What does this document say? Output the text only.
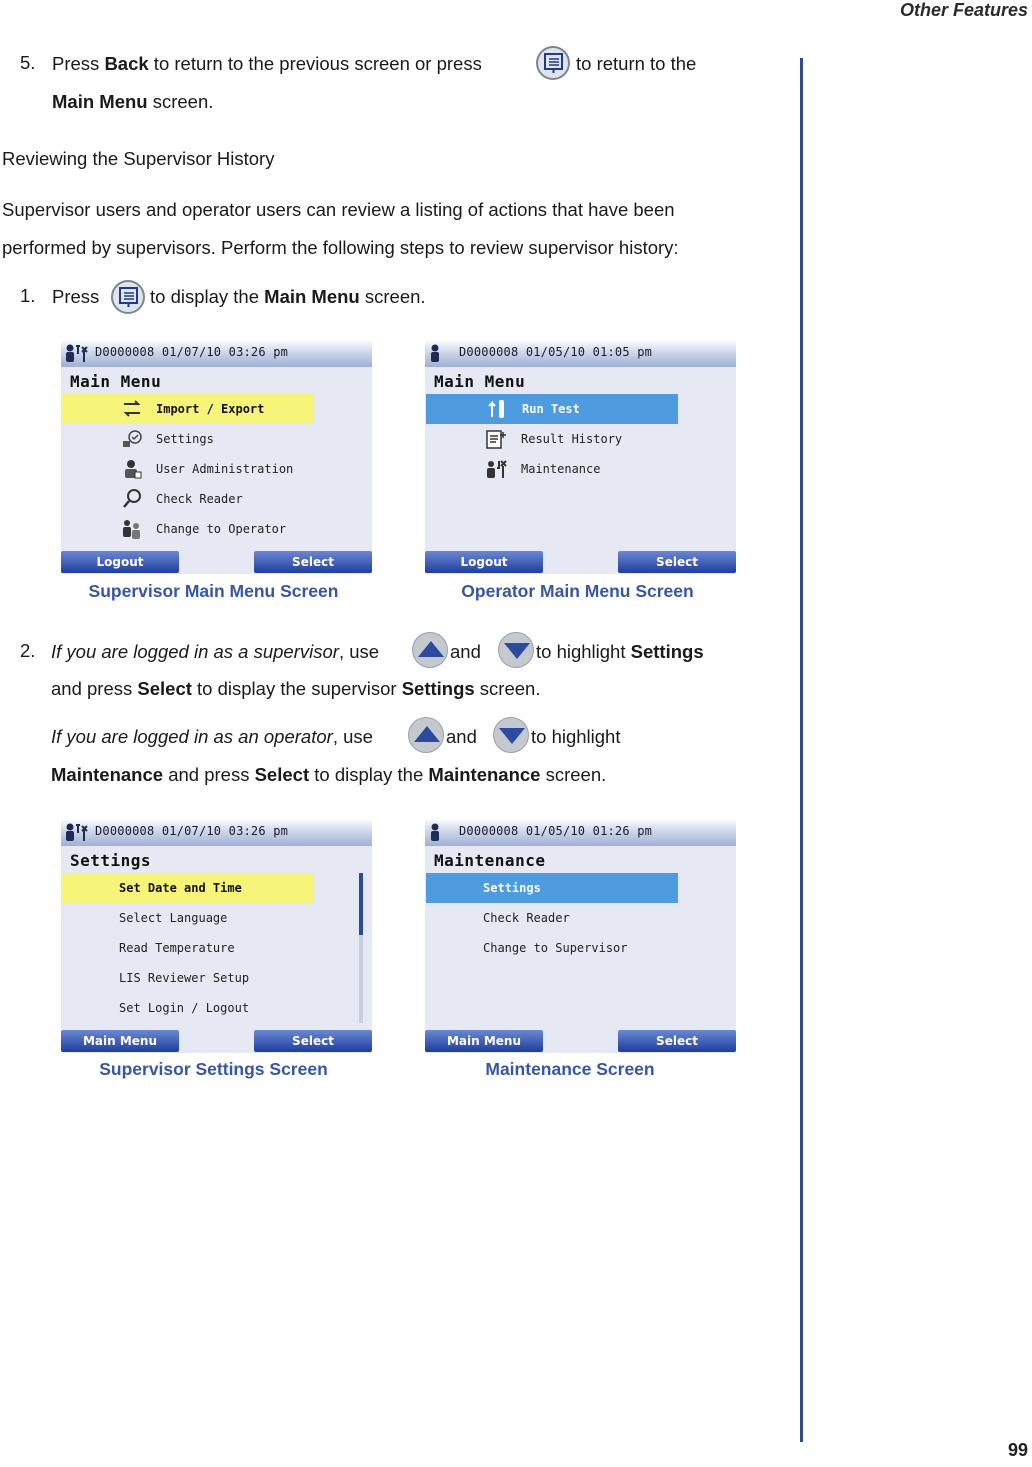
Other Features
99
5. Press Back to return to the previous screen or press	to return to the
Main Menu screen.
Reviewing the Supervisor History
Supervisor users and operator users can review a listing of actions that have been
performed by supervisors. Perform the following steps to review supervisor history:
1. Press	to display the Main Menu screen.
D0000008 01/07/10 03:26 pm
Main Menu
Import / Export
Settings
User Administration
Check Reader
Change to Operator
Logout	Select
Supervisor Main Menu Screen
D0000008 01/05/10 01:05 pm
Main Menu
Run Test
Result History
Maintenance
Logout	Select
Operator Main Menu Screen
2. If you are logged in as a supervisor, use	and	to highlight Settings
and press Select to display the supervisor Settings screen.
If you are logged in as an operator, use	and	to highlight
Maintenance and press Select to display the Maintenance screen.
D0000008 01/07/10 03:26 pm
Settings
Set Date and Time
Select Language
Read Temperature
LIS Reviewer Setup
Set Login / Logout
Main Menu	Select
Supervisor Settings Screen
D0000008 01/05/10 01:26 pm
Maintenance
Settings
Check Reader
Change to Supervisor
Main Menu	Select
Maintenance Screen
